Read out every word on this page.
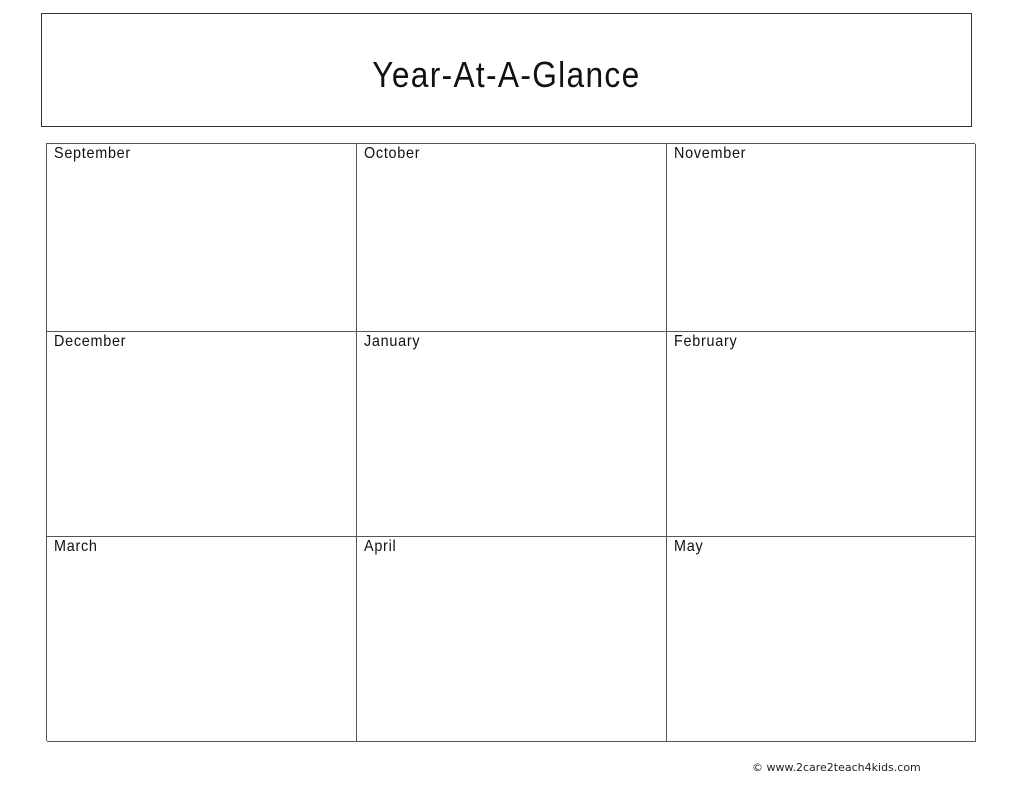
Year-At-A-Glance
September	October	November
December	January	February
March	April	May
© www.2care2teach4kids.com
